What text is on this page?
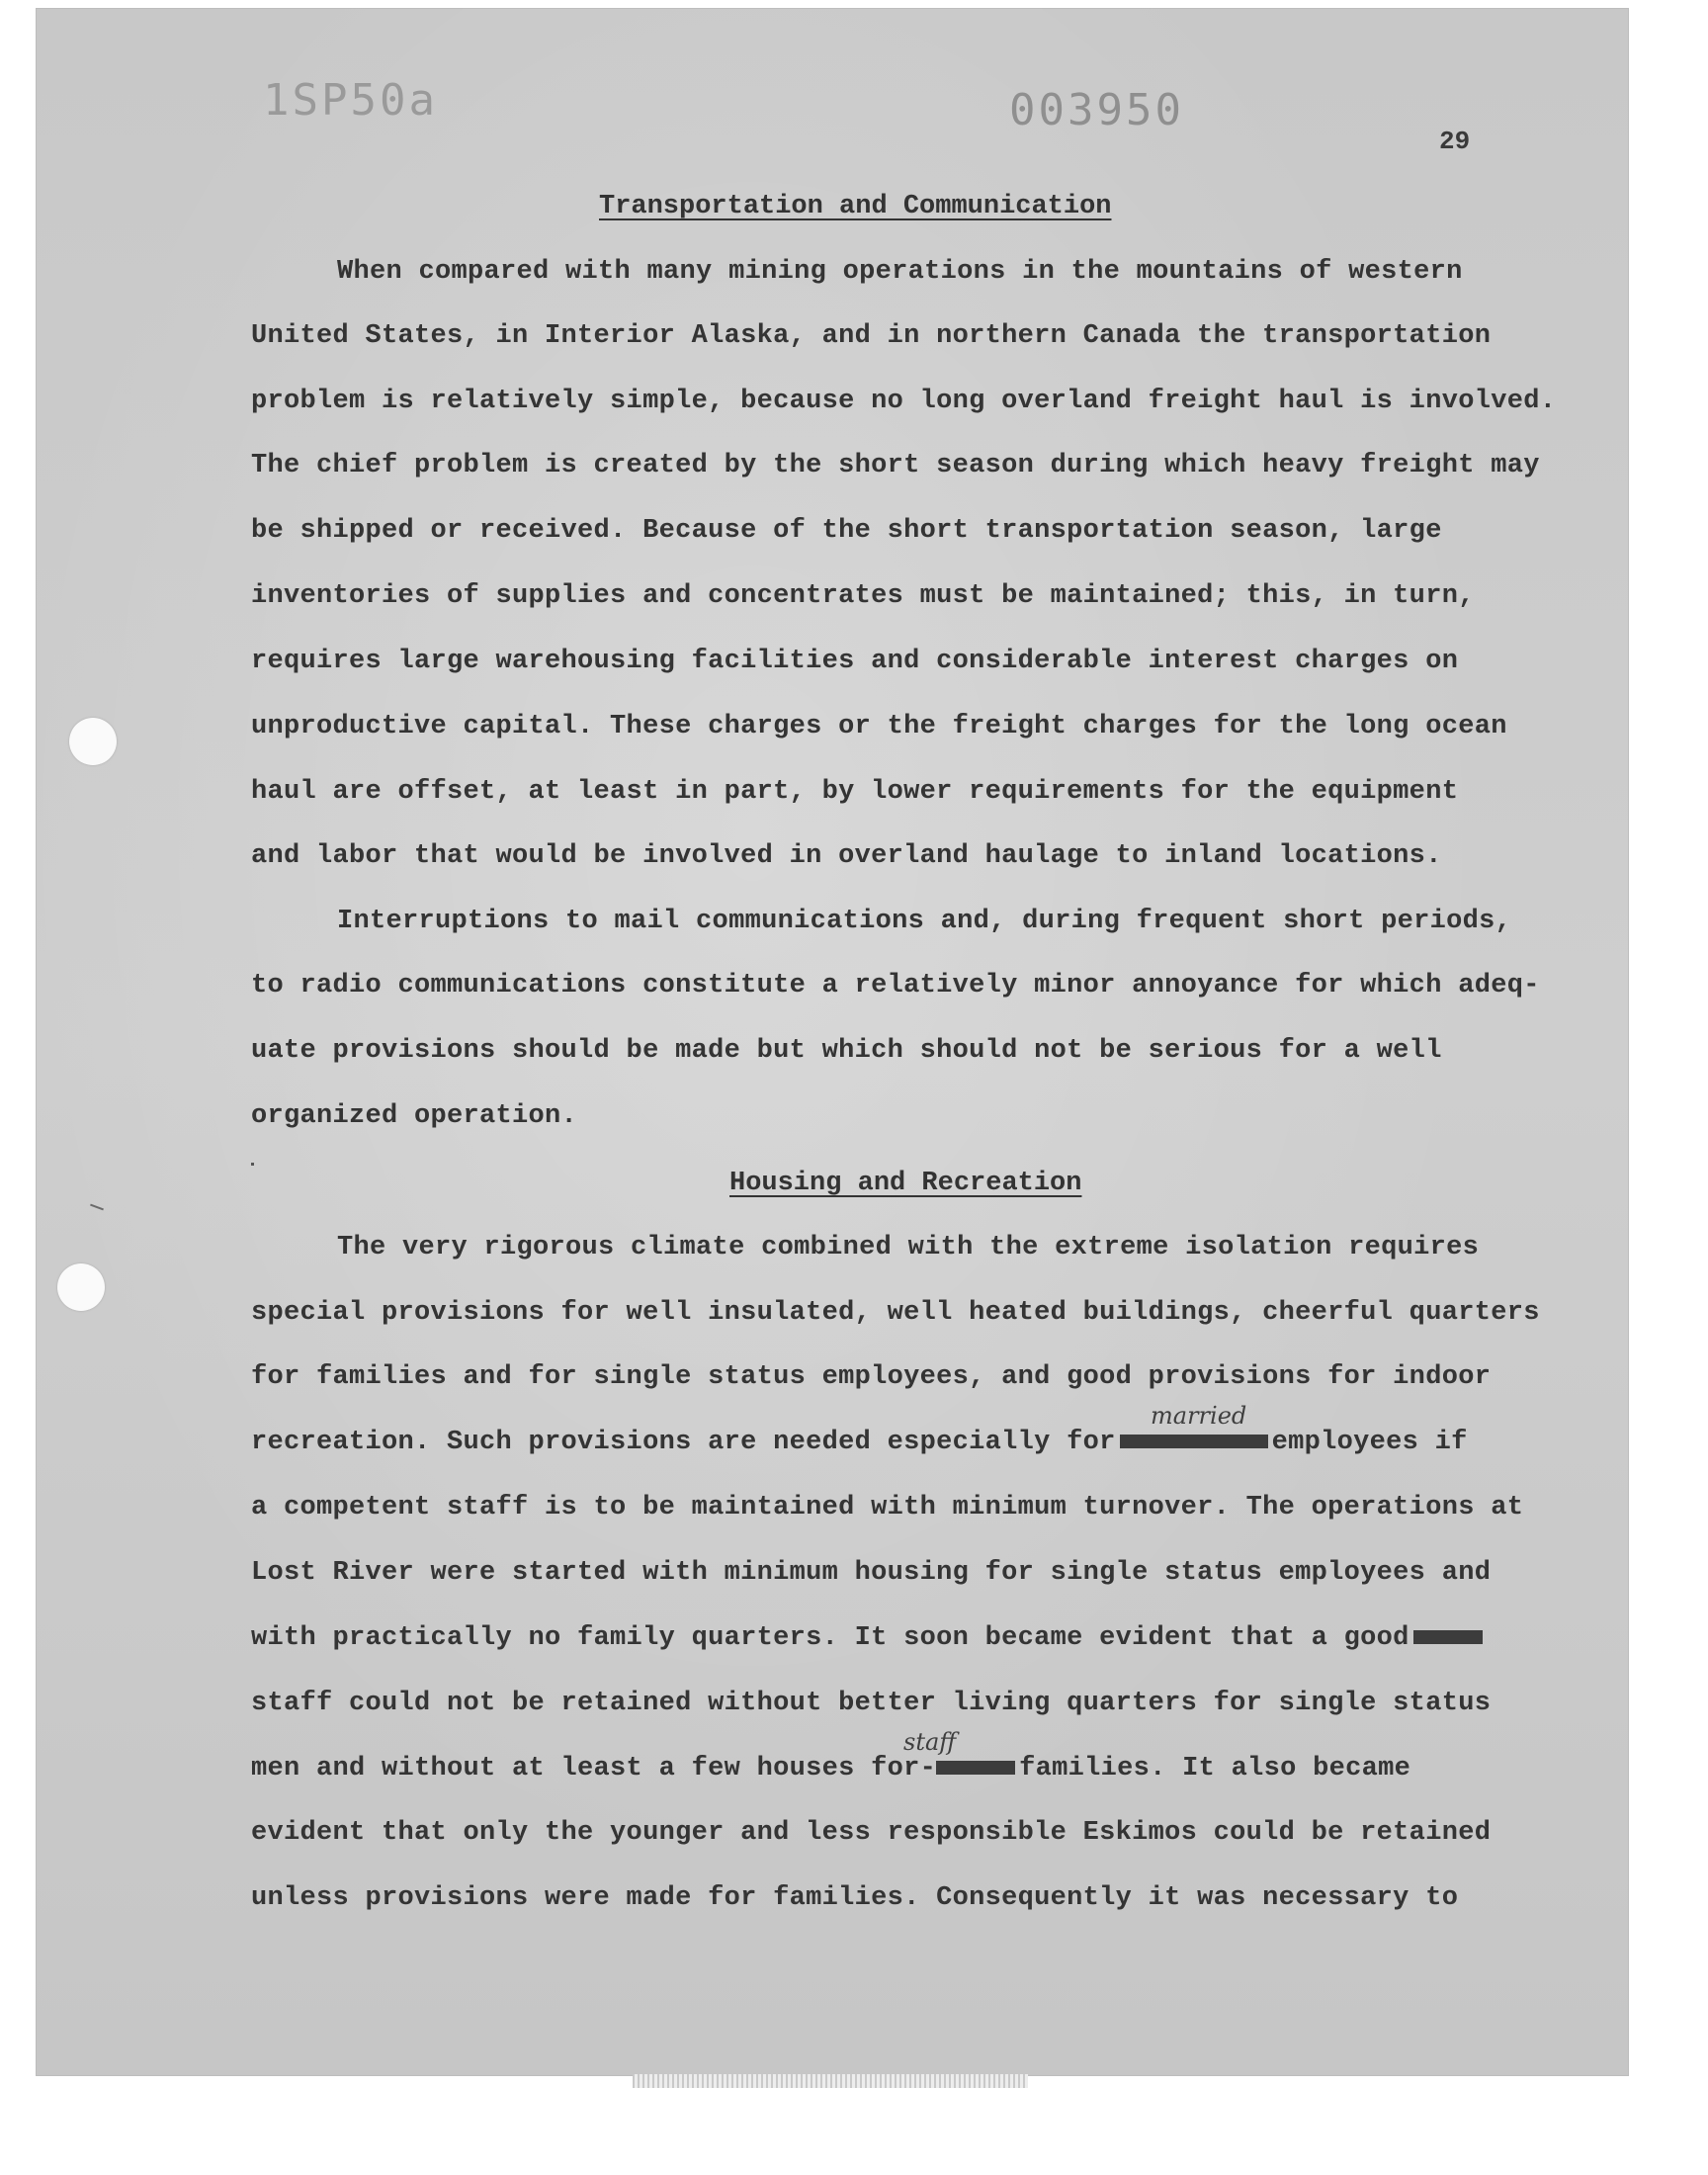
1SP50a	003950
29
Transportation and Communication
When compared with many mining operations in the mountains of western
United States, in Interior Alaska, and in northern Canada the transportation
problem is relatively simple, because no long overland freight haul is involved.
The chief problem is created by the short season during which heavy freight may
be shipped or received. Because of the short transportation season, large
inventories of supplies and concentrates must be maintained; this, in turn,
requires large warehousing facilities and considerable interest charges on
unproductive capital. These charges or the freight charges for the long ocean
haul are offset, at least in part, by lower requirements for the equipment
and labor that would be involved in overland haulage to inland locations.
Interruptions to mail communications and, during frequent short periods,
to radio communications constitute a relatively minor annoyance for which adeq-
uate provisions should be made but which should not be serious for a well
organized operation.
Housing and Recreation
The very rigorous climate combined with the extreme isolation requires
special provisions for well insulated, well heated buildings, cheerful quarters
for families and for single status employees, and good provisions for indoor
recreation. Such provisions are needed especially for	employees if
married
a competent staff is to be maintained with minimum turnover. The operations at
Lost River were started with minimum housing for single status employees and
with practically no family quarters. It soon became evident that a good
staff could not be retained without better living quarters for single status
men and without at least a few houses for-	families. It also became
staff
evident that only the younger and less responsible Eskimos could be retained
unless provisions were made for families. Consequently it was necessary to
